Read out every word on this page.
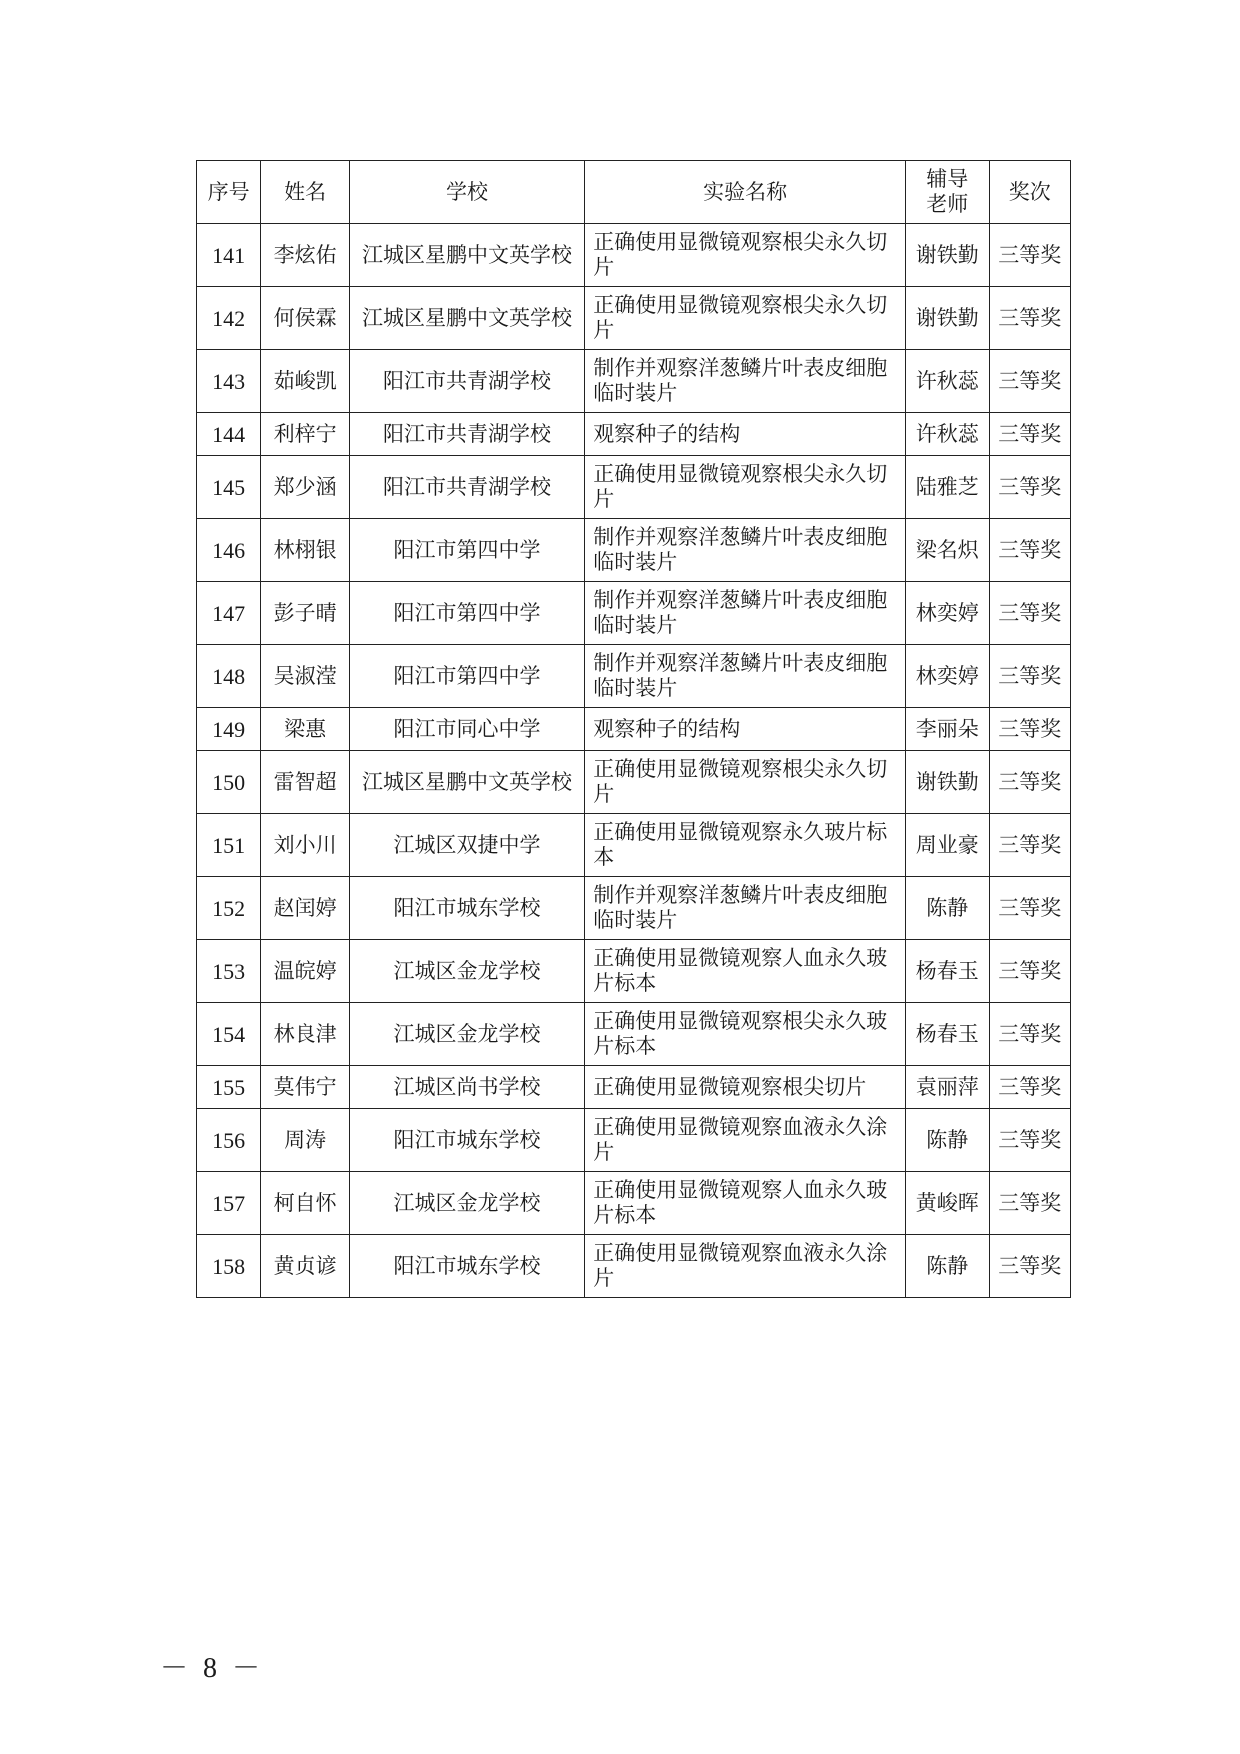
序号	姓名	学校	实验名称	辅导老师	奖次
141	李炫佑	江城区星鹏中文英学校	正确使用显微镜观察根尖永久切片	谢铁勤	三等奖
142	何侯霖	江城区星鹏中文英学校	正确使用显微镜观察根尖永久切片	谢铁勤	三等奖
143	茹峻凯	阳江市共青湖学校	制作并观察洋葱鳞片叶表皮细胞临时装片	许秋蕊	三等奖
144	利梓宁	阳江市共青湖学校	观察种子的结构	许秋蕊	三等奖
145	郑少涵	阳江市共青湖学校	正确使用显微镜观察根尖永久切片	陆雅芝	三等奖
146	林栩银	阳江市第四中学	制作并观察洋葱鳞片叶表皮细胞临时装片	梁名炽	三等奖
147	彭子晴	阳江市第四中学	制作并观察洋葱鳞片叶表皮细胞临时装片	林奕婷	三等奖
148	吴淑滢	阳江市第四中学	制作并观察洋葱鳞片叶表皮细胞临时装片	林奕婷	三等奖
149	梁惠	阳江市同心中学	观察种子的结构	李丽朵	三等奖
150	雷智超	江城区星鹏中文英学校	正确使用显微镜观察根尖永久切片	谢铁勤	三等奖
151	刘小川	江城区双捷中学	正确使用显微镜观察永久玻片标本	周业豪	三等奖
152	赵闰婷	阳江市城东学校	制作并观察洋葱鳞片叶表皮细胞临时装片	陈静	三等奖
153	温皖婷	江城区金龙学校	正确使用显微镜观察人血永久玻片标本	杨春玉	三等奖
154	林良津	江城区金龙学校	正确使用显微镜观察根尖永久玻片标本	杨春玉	三等奖
155	莫伟宁	江城区尚书学校	正确使用显微镜观察根尖切片	袁丽萍	三等奖
156	周涛	阳江市城东学校	正确使用显微镜观察血液永久涂片	陈静	三等奖
157	柯自怀	江城区金龙学校	正确使用显微镜观察人血永久玻片标本	黄峻晖	三等奖
158	黄贞谚	阳江市城东学校	正确使用显微镜观察血液永久涂片	陈静	三等奖
－ 8 －
